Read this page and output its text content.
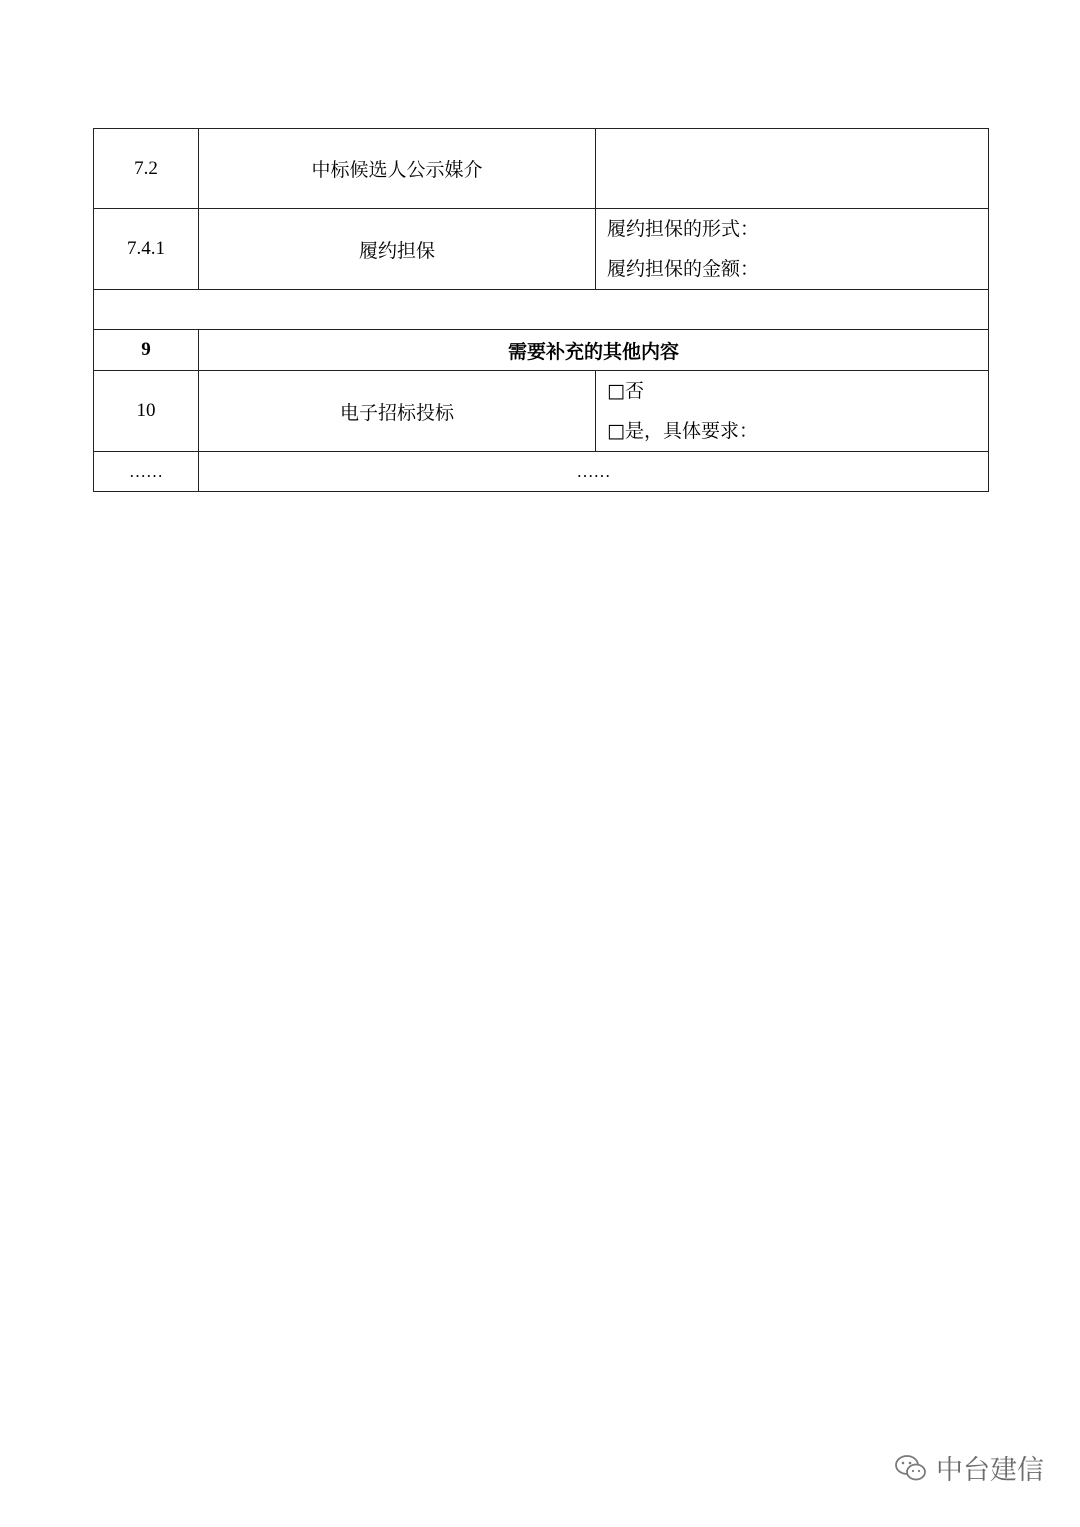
7.2	中标候选人公示媒介	
7.4.1	履约担保	履约担保的形式：
履约担保的金额：

9	需要补充的其他内容	
10	电子招标投标	□否
□是，具体要求：

……	……	
中台建信
